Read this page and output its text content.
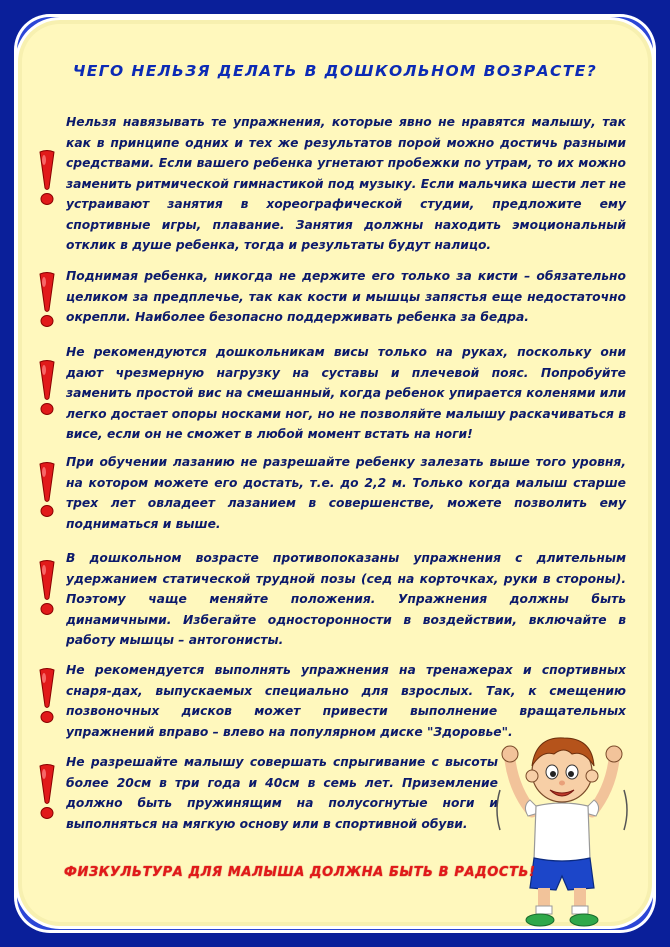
ЧЕГО НЕЛЬЗЯ ДЕЛАТЬ В ДОШКОЛЬНОМ ВОЗРАСТЕ?
Нельзя навязывать те упражнения, которые явно не нравятся малышу, так как в принципе одних и тех же результатов порой можно достичь разными средствами. Если вашего ребенка угнетают пробежки по утрам, то их можно заменить ритмической гимнастикой под музыку. Если мальчика шести лет не устраивают занятия в хореографической студии, предложите ему спортивные игры, плавание. Занятия должны находить эмоциональный отклик в душе ребенка, тогда и результаты будут налицо.
Поднимая ребенка, никогда не держите его только за кисти – обязательно целиком за предплечье, так как кости и мышцы запястья еще недостаточно окрепли. Наиболее безопасно поддерживать ребенка за бедра.
Не рекомендуются дошкольникам висы только на руках, поскольку они дают чрезмерную нагрузку на суставы и плечевой пояс. Попробуйте заменить простой вис на смешанный, когда ребенок упирается коленями или легко достает опоры носками ног, но не позволяйте малышу раскачиваться в висе, если он не сможет в любой момент встать на ноги!
При обучении лазанию не разрешайте ребенку залезать выше того уровня, на котором можете его достать, т.е. до 2,2 м. Только когда малыш старше трех лет овладеет лазанием в совершенстве, можете позволить ему подниматься и выше.
В дошкольном возрасте противопоказаны упражнения с длительным удержанием статической трудной позы (сед на корточках, руки в стороны). Поэтому чаще меняйте положения. Упражнения должны быть динамичными. Избегайте односторонности в воздействии, включайте в работу мышцы – антогонисты.
Не рекомендуется выполнять упражнения на тренажерах и спортивных снаря-дах, выпускаемых специально для взрослых. Так, к смещению позвоночных дисков может привести выполнение вращательных упражнений вправо – влево на популярном диске "Здоровье".
Не разрешайте малышу совершать спрыгивание с высоты более 20см в три года и 40см в семь лет. Приземление должно быть пружинящим на полусогнутые ноги и выполняться на мягкую основу или в спортивной обуви.
ФИЗКУЛЬТУРА ДЛЯ МАЛЫША ДОЛЖНА БЫТЬ В РАДОСТЬ!
